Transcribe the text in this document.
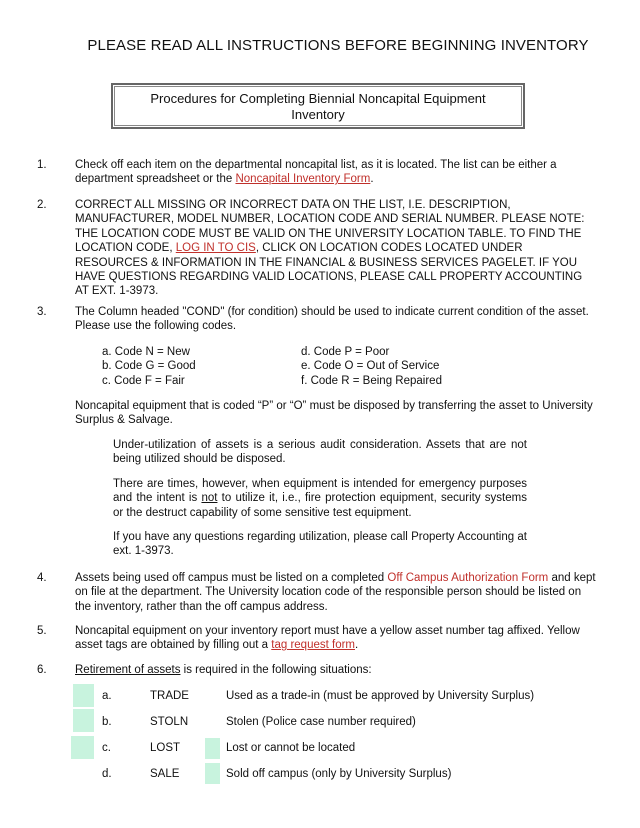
PLEASE READ ALL INSTRUCTIONS BEFORE BEGINNING INVENTORY
Procedures for Completing Biennial Noncapital Equipment
Inventory
1. Check off each item on the departmental noncapital list, as it is located. The list can be either a department spreadsheet or the Noncapital Inventory Form.
2. CORRECT ALL MISSING OR INCORRECT DATA ON THE LIST, I.E. DESCRIPTION, MANUFACTURER, MODEL NUMBER, LOCATION CODE AND SERIAL NUMBER. PLEASE NOTE: THE LOCATION CODE MUST BE VALID ON THE UNIVERSITY LOCATION TABLE. TO FIND THE LOCATION CODE, LOG IN TO CIS, CLICK ON LOCATION CODES LOCATED UNDER RESOURCES & INFORMATION IN THE FINANCIAL & BUSINESS SERVICES PAGELET. IF YOU HAVE QUESTIONS REGARDING VALID LOCATIONS, PLEASE CALL PROPERTY ACCOUNTING AT EXT. 1-3973.
3. The Column headed "COND" (for condition) should be used to indicate current condition of the asset. Please use the following codes.
a. Code N = New
b. Code G = Good
c. Code F = Fair
d. Code P = Poor
e. Code O = Out of Service
f. Code R = Being Repaired
Noncapital equipment that is coded “P” or “O” must be disposed by transferring the asset to University Surplus & Salvage.
Under-utilization of assets is a serious audit consideration. Assets that are not being utilized should be disposed.
There are times, however, when equipment is intended for emergency purposes and the intent is not to utilize it, i.e., fire protection equipment, security systems or the destruct capability of some sensitive test equipment.
If you have any questions regarding utilization, please call Property Accounting at ext. 1-3973.
4. Assets being used off campus must be listed on a completed Off Campus Authorization Form and kept on file at the department. The University location code of the responsible person should be listed on the inventory, rather than the off campus address.
5. Noncapital equipment on your inventory report must have a yellow asset number tag affixed. Yellow asset tags are obtained by filling out a tag request form.
6. Retirement of assets is required in the following situations:
a.	TRADE	Used as a trade-in (must be approved by University Surplus)
b.	STOLN	Stolen (Police case number required)
c.	LOST	Lost or cannot be located
d.	SALE	Sold off campus (only by University Surplus)
